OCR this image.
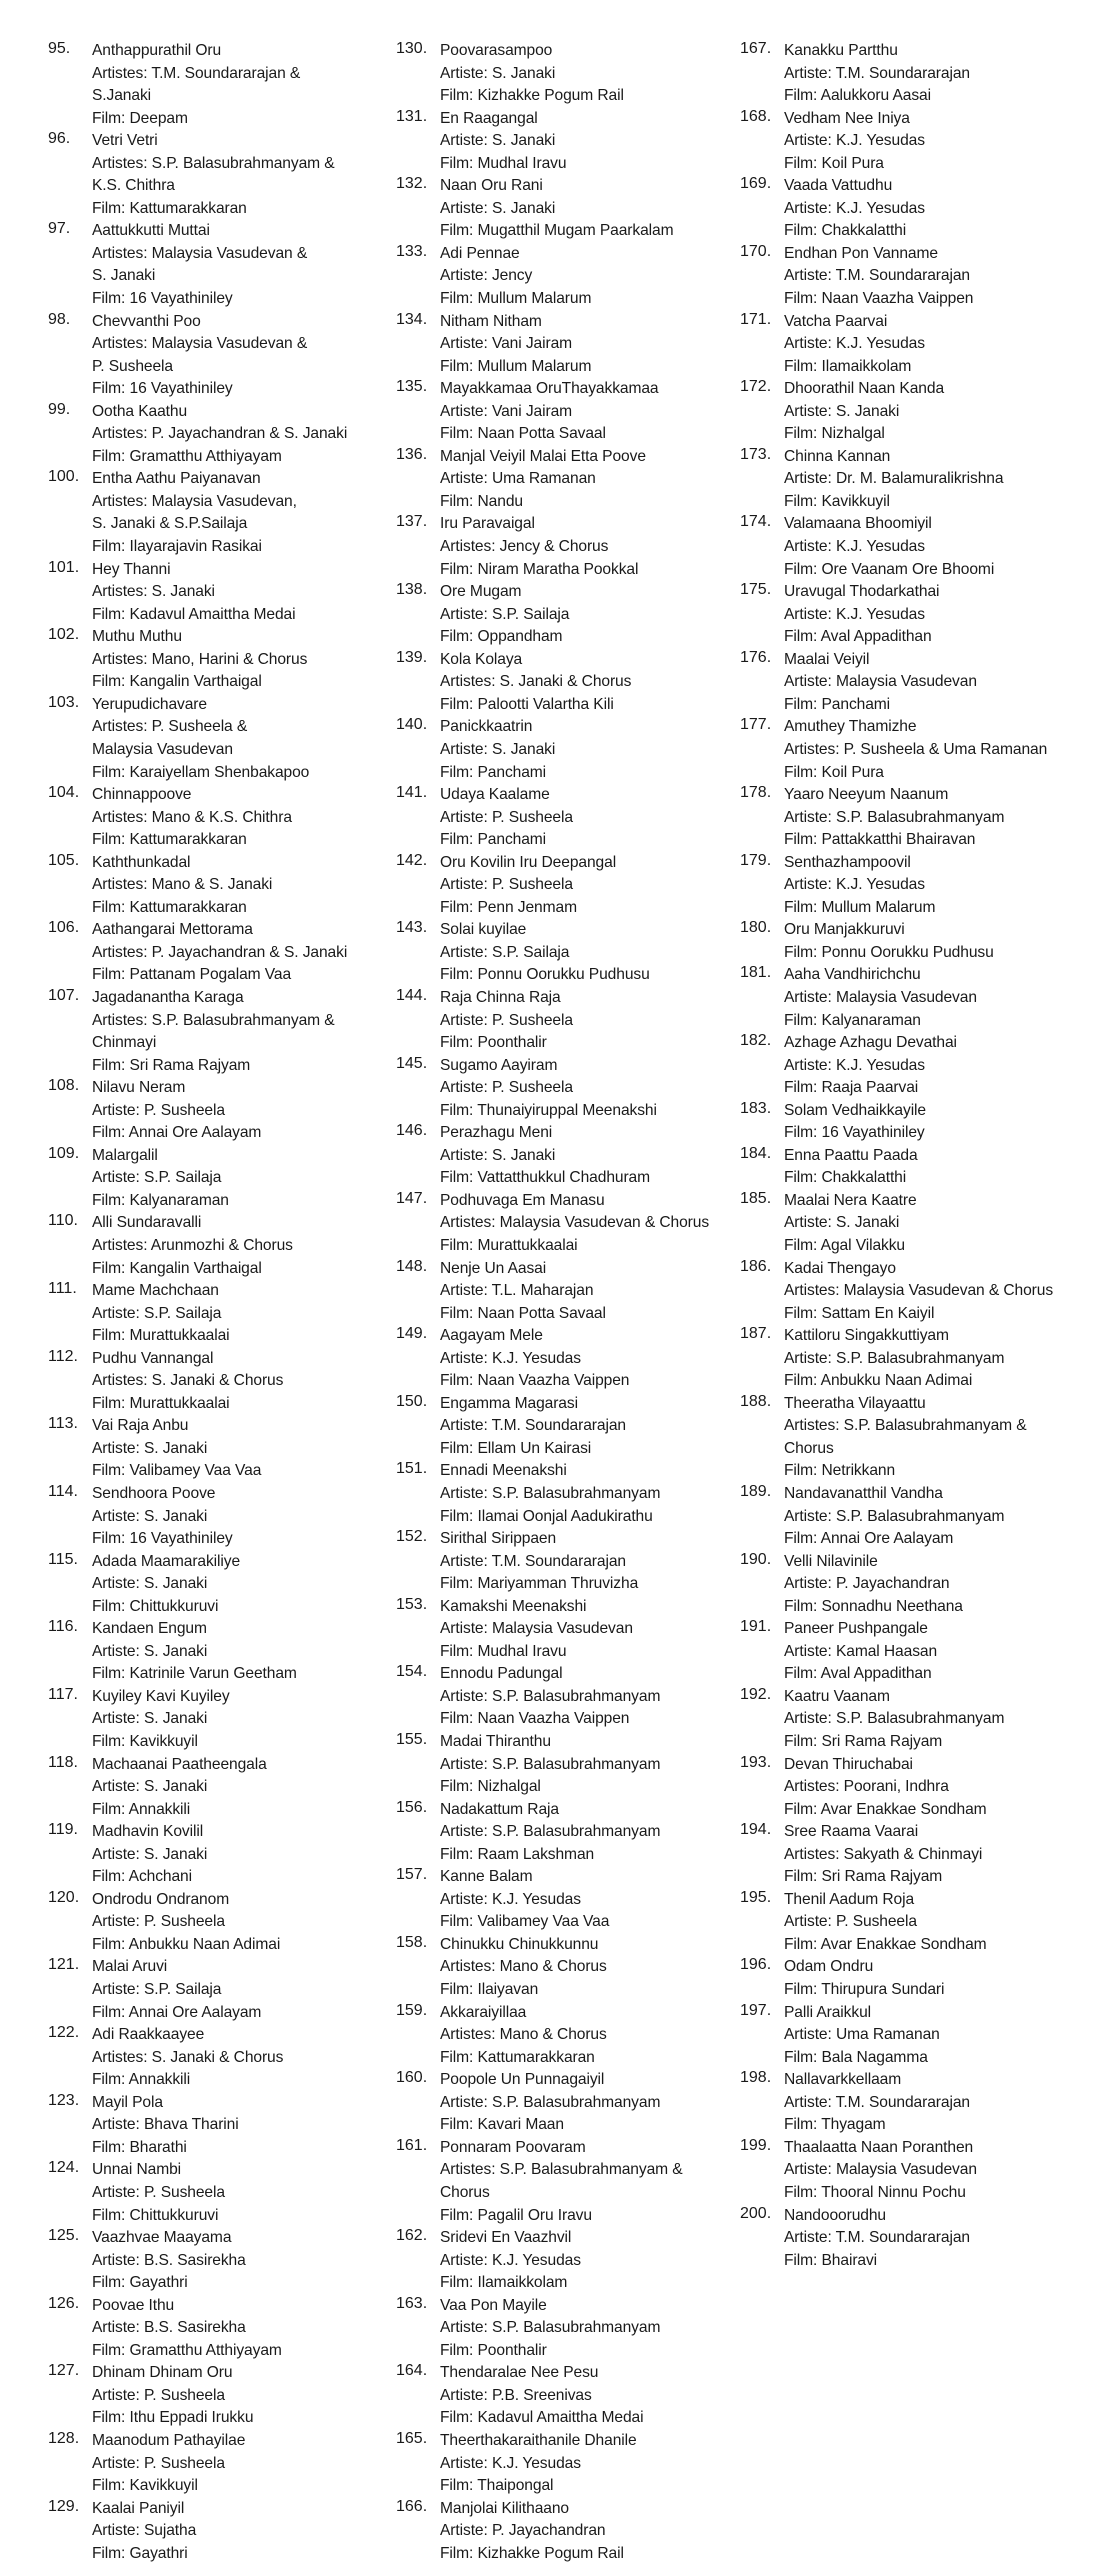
95.	Anthappurathil Oru
Artistes: T.M. Soundararajan &
S.Janaki
Film: Deepam
96.	Vetri Vetri
Artistes: S.P. Balasubrahmanyam &
K.S. Chithra
Film: Kattumarakkaran
97.	Aattukkutti Muttai
Artistes: Malaysia Vasudevan &
S. Janaki
Film: 16 Vayathiniley
98.	Chevvanthi Poo
Artistes: Malaysia Vasudevan &
P. Susheela
Film: 16 Vayathiniley
99.	Ootha Kaathu
Artistes: P. Jayachandran & S. Janaki
Film: Gramatthu Atthiyayam
100. Entha Aathu Paiyanavan
Artistes: Malaysia Vasudevan,
S. Janaki & S.P.Sailaja
Film: Ilayarajavin Rasikai
101. Hey Thanni
Artistes: S. Janaki
Film: Kadavul Amaittha Medai
102. Muthu Muthu
Artistes: Mano, Harini & Chorus
Film: Kangalin Varthaigal
103. Yerupudichavare
Artistes: P. Susheela &
Malaysia Vasudevan
Film: Karaiyellam Shenbakapoo
104. Chinnappoove
Artistes: Mano & K.S. Chithra
Film: Kattumarakkaran
105. Kaththunkadal
Artistes: Mano & S. Janaki
Film: Kattumarakkaran
106. Aathangarai Mettorama
Artistes: P. Jayachandran & S. Janaki
Film: Pattanam Pogalam Vaa
107. Jagadanantha Karaga
Artistes: S.P. Balasubrahmanyam &
Chinmayi
Film: Sri Rama Rajyam
108. Nilavu Neram
Artiste: P. Susheela
Film: Annai Ore Aalayam
109. Malargalil
Artiste: S.P. Sailaja
Film: Kalyanaraman
110. Alli Sundaravalli
Artistes: Arunmozhi & Chorus
Film: Kangalin Varthaigal
111. Mame Machchaan
Artiste: S.P. Sailaja
Film: Murattukkaalai
112. Pudhu Vannangal
Artistes: S. Janaki & Chorus
Film: Murattukkaalai
113. Vai Raja Anbu
Artiste: S. Janaki
Film: Valibamey Vaa Vaa
114. Sendhoora Poove
Artiste: S. Janaki
Film: 16 Vayathiniley
115. Adada Maamarakiliye
Artiste: S. Janaki
Film: Chittukkuruvi
116. Kandaen Engum
Artiste: S. Janaki
Film: Katrinile Varun Geetham
117. Kuyiley Kavi Kuyiley
Artiste: S. Janaki
Film: Kavikkuyil
118. Machaanai Paatheengala
Artiste: S. Janaki
Film: Annakkili
119. Madhavin Kovilil
Artiste: S. Janaki
Film: Achchani
120. Ondrodu Ondranom
Artiste: P. Susheela
Film: Anbukku Naan Adimai
121. Malai Aruvi
Artiste: S.P. Sailaja
Film: Annai Ore Aalayam
122. Adi Raakkaayee
Artistes: S. Janaki & Chorus
Film: Annakkili
123. Mayil Pola
Artiste: Bhava Tharini
Film: Bharathi
124. Unnai Nambi
Artiste: P. Susheela
Film: Chittukkuruvi
125. Vaazhvae Maayama
Artiste: B.S. Sasirekha
Film: Gayathri
126. Poovae Ithu
Artiste: B.S. Sasirekha
Film: Gramatthu Atthiyayam
127. Dhinam Dhinam Oru
Artiste: P. Susheela
Film: Ithu Eppadi Irukku
128. Maanodum Pathayilae
Artiste: P. Susheela
Film: Kavikkuyil
129. Kaalai Paniyil
Artiste: Sujatha
Film: Gayathri
130. Poovarasampoo
Artiste: S. Janaki
Film: Kizhakke Pogum Rail
131. En Raagangal
Artiste: S. Janaki
Film: Mudhal Iravu
132. Naan Oru Rani
Artiste: S. Janaki
Film: Mugatthil Mugam Paarkalam
133. Adi Pennae
Artiste: Jency
Film: Mullum Malarum
134. Nitham Nitham
Artiste: Vani Jairam
Film: Mullum Malarum
135. Mayakkamaa OruThayakkamaa
Artiste: Vani Jairam
Film: Naan Potta Savaal
136. Manjal Veiyil Malai Etta Poove
Artiste: Uma Ramanan
Film: Nandu
137. Iru Paravaigal
Artistes: Jency & Chorus
Film: Niram Maratha Pookkal
138. Ore Mugam
Artiste: S.P. Sailaja
Film: Oppandham
139. Kola Kolaya
Artistes: S. Janaki & Chorus
Film: Palootti Valartha Kili
140. Panickkaatrin
Artiste: S. Janaki
Film: Panchami
141. Udaya Kaalame
Artiste: P. Susheela
Film: Panchami
142. Oru Kovilin Iru Deepangal
Artiste: P. Susheela
Film: Penn Jenmam
143. Solai kuyilae
Artiste: S.P. Sailaja
Film: Ponnu Oorukku Pudhusu
144. Raja Chinna Raja
Artiste: P. Susheela
Film: Poonthalir
145. Sugamo Aayiram
Artiste: P. Susheela
Film: Thunaiyiruppal Meenakshi
146. Perazhagu Meni
Artiste: S. Janaki
Film: Vattatthukkul Chadhuram
147. Podhuvaga Em Manasu
Artistes: Malaysia Vasudevan & Chorus
Film: Murattukkaalai
148. Nenje Un Aasai
Artiste: T.L. Maharajan
Film: Naan Potta Savaal
149. Aagayam Mele
Artiste: K.J. Yesudas
Film: Naan Vaazha Vaippen
150. Engamma Magarasi
Artiste: T.M. Soundararajan
Film: Ellam Un Kairasi
151. Ennadi Meenakshi
Artiste: S.P. Balasubrahmanyam
Film: Ilamai Oonjal Aadukirathu
152. Sirithal Sirippaen
Artiste: T.M. Soundararajan
Film: Mariyamman Thruvizha
153. Kamakshi Meenakshi
Artiste: Malaysia Vasudevan
Film: Mudhal Iravu
154. Ennodu Padungal
Artiste: S.P. Balasubrahmanyam
Film: Naan Vaazha Vaippen
155. Madai Thiranthu
Artiste: S.P. Balasubrahmanyam
Film: Nizhalgal
156. Nadakattum Raja
Artiste: S.P. Balasubrahmanyam
Film: Raam Lakshman
157. Kanne Balam
Artiste: K.J. Yesudas
Film: Valibamey Vaa Vaa
158. Chinukku Chinukkunnu
Artistes: Mano & Chorus
Film: Ilaiyavan
159. Akkaraiyillaa
Artistes: Mano & Chorus
Film: Kattumarakkaran
160. Poopole Un Punnagaiyil
Artiste: S.P. Balasubrahmanyam
Film: Kavari Maan
161. Ponnaram Poovaram
Artistes: S.P. Balasubrahmanyam &
Chorus
Film: Pagalil Oru Iravu
162. Sridevi En Vaazhvil
Artiste: K.J. Yesudas
Film: Ilamaikkolam
163. Vaa Pon Mayile
Artiste: S.P. Balasubrahmanyam
Film: Poonthalir
164. Thendaralae Nee Pesu
Artiste: P.B. Sreenivas
Film: Kadavul Amaittha Medai
165. Theerthakaraithanile Dhanile
Artiste: K.J. Yesudas
Film: Thaipongal
166. Manjolai Kilithaano
Artiste: P. Jayachandran
Film: Kizhakke Pogum Rail
167. Kanakku Partthu
Artiste: T.M. Soundararajan
Film: Aalukkoru Aasai
168. Vedham Nee Iniya
Artiste: K.J. Yesudas
Film: Koil Pura
169. Vaada Vattudhu
Artiste: K.J. Yesudas
Film: Chakkalatthi
170. Endhan Pon Vanname
Artiste: T.M. Soundararajan
Film: Naan Vaazha Vaippen
171. Vatcha Paarvai
Artiste: K.J. Yesudas
Film: Ilamaikkolam
172. Dhoorathil Naan Kanda
Artiste: S. Janaki
Film: Nizhalgal
173. Chinna Kannan
Artiste: Dr. M. Balamuralikrishna
Film: Kavikkuyil
174. Valamaana Bhoomiyil
Artiste: K.J. Yesudas
Film: Ore Vaanam Ore Bhoomi
175. Uravugal Thodarkathai
Artiste: K.J. Yesudas
Film: Aval Appadithan
176. Maalai Veiyil
Artiste: Malaysia Vasudevan
Film: Panchami
177. Amuthey Thamizhe
Artistes: P. Susheela & Uma Ramanan
Film: Koil Pura
178. Yaaro Neeyum Naanum
Artiste: S.P. Balasubrahmanyam
Film: Pattakkatthi Bhairavan
179. Senthazhampoovil
Artiste: K.J. Yesudas
Film: Mullum Malarum
180. Oru Manjakkuruvi
Film: Ponnu Oorukku Pudhusu
181. Aaha Vandhirichchu
Artiste: Malaysia Vasudevan
Film: Kalyanaraman
182. Azhage Azhagu Devathai
Artiste: K.J. Yesudas
Film: Raaja Paarvai
183. Solam Vedhaikkayile
Film: 16 Vayathiniley
184. Enna Paattu Paada
Film: Chakkalatthi
185. Maalai Nera Kaatre
Artiste: S. Janaki
Film: Agal Vilakku
186. Kadai Thengayo
Artistes: Malaysia Vasudevan & Chorus
Film: Sattam En Kaiyil
187. Kattiloru Singakkuttiyam
Artiste: S.P. Balasubrahmanyam
Film: Anbukku Naan Adimai
188. Theeratha Vilayaattu
Artistes: S.P. Balasubrahmanyam &
Chorus
Film: Netrikkann
189. Nandavanatthil Vandha
Artiste: S.P. Balasubrahmanyam
Film: Annai Ore Aalayam
190. Velli Nilavinile
Artiste: P. Jayachandran
Film: Sonnadhu Neethana
191. Paneer Pushpangale
Artiste: Kamal Haasan
Film: Aval Appadithan
192. Kaatru Vaanam
Artiste: S.P. Balasubrahmanyam
Film: Sri Rama Rajyam
193. Devan Thiruchabai
Artistes: Poorani, Indhra
Film: Avar Enakkae Sondham
194. Sree Raama Vaarai
Artistes: Sakyath & Chinmayi
Film: Sri Rama Rajyam
195. Thenil Aadum Roja
Artiste: P. Susheela
Film: Avar Enakkae Sondham
196. Odam Ondru
Film: Thirupura Sundari
197. Palli Araikkul
Artiste: Uma Ramanan
Film: Bala Nagamma
198. Nallavarkkellaam
Artiste: T.M. Soundararajan
Film: Thyagam
199. Thaalaatta Naan Poranthen
Artiste: Malaysia Vasudevan
Film: Thooral Ninnu Pochu
200. Nandooorudhu
Artiste: T.M. Soundararajan
Film: Bhairavi
